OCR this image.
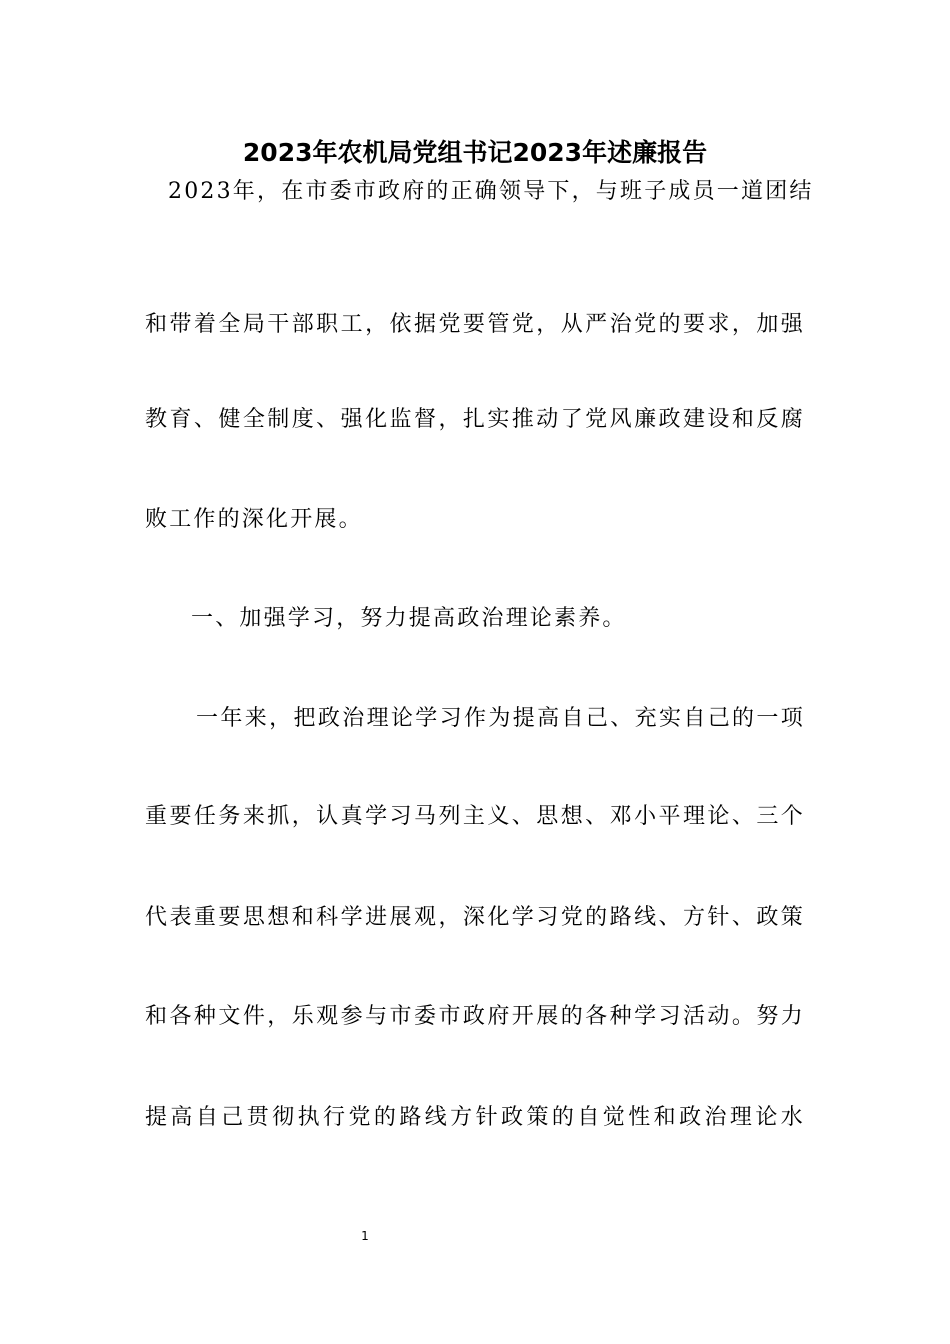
2023年农机局党组书记2023年述廉报告

2023年，在市委市政府的正确领导下，与班子成员一道团结

和带着全局干部职工，依据党要管党，从严治党的要求，加强

教育、健全制度、强化监督，扎实推动了党风廉政建设和反腐

败工作的深化开展。

一、加强学习，努力提高政治理论素养。

一年来，把政治理论学习作为提高自己、充实自己的一项

重要任务来抓，认真学习马列主义、思想、邓小平理论、三个

代表重要思想和科学进展观，深化学习党的路线、方针、政策

和各种文件，乐观参与市委市政府开展的各种学习活动。努力

提高自己贯彻执行党的路线方针政策的自觉性和政治理论水

1
